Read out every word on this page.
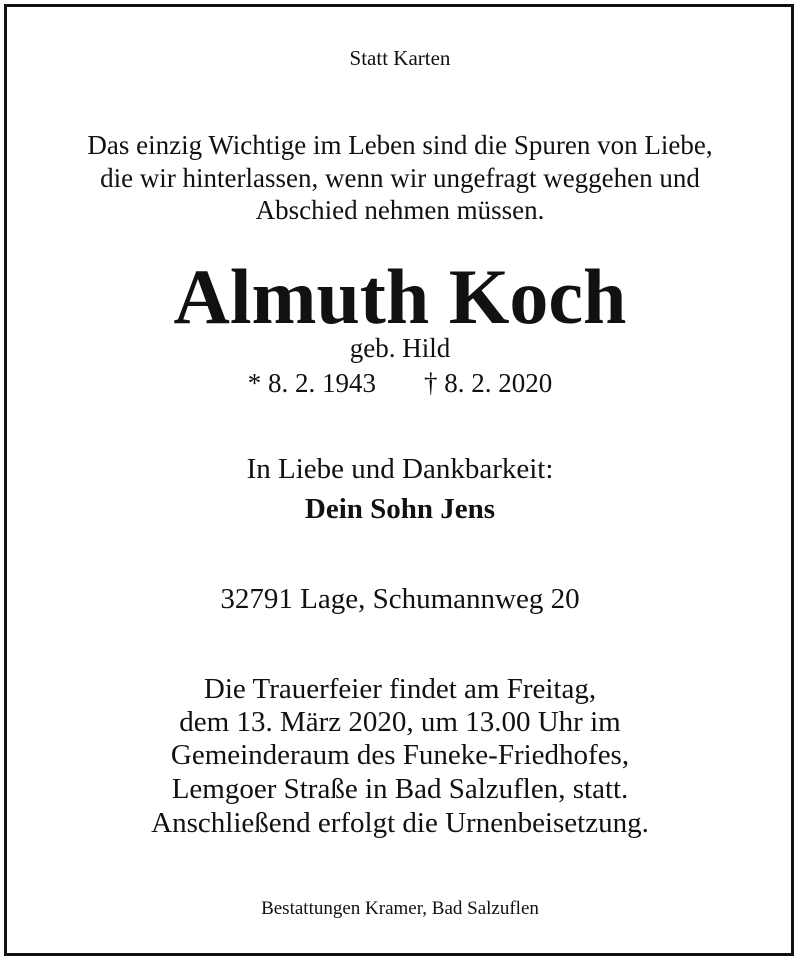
Statt Karten
Das einzig Wichtige im Leben sind die Spuren von Liebe,
die wir hinterlassen, wenn wir ungefragt weggehen und
Abschied nehmen müssen.
Almuth Koch
geb. Hild
* 8. 2. 1943 † 8. 2. 2020
In Liebe und Dankbarkeit:
Dein Sohn Jens
32791 Lage, Schumannweg 20
Die Trauerfeier findet am Freitag,
dem 13. März 2020, um 13.00 Uhr im
Gemeinderaum des Funeke-Friedhofes,
Lemgoer Straße in Bad Salzuflen, statt.
Anschließend erfolgt die Urnenbeisetzung.
Bestattungen Kramer, Bad Salzuflen
